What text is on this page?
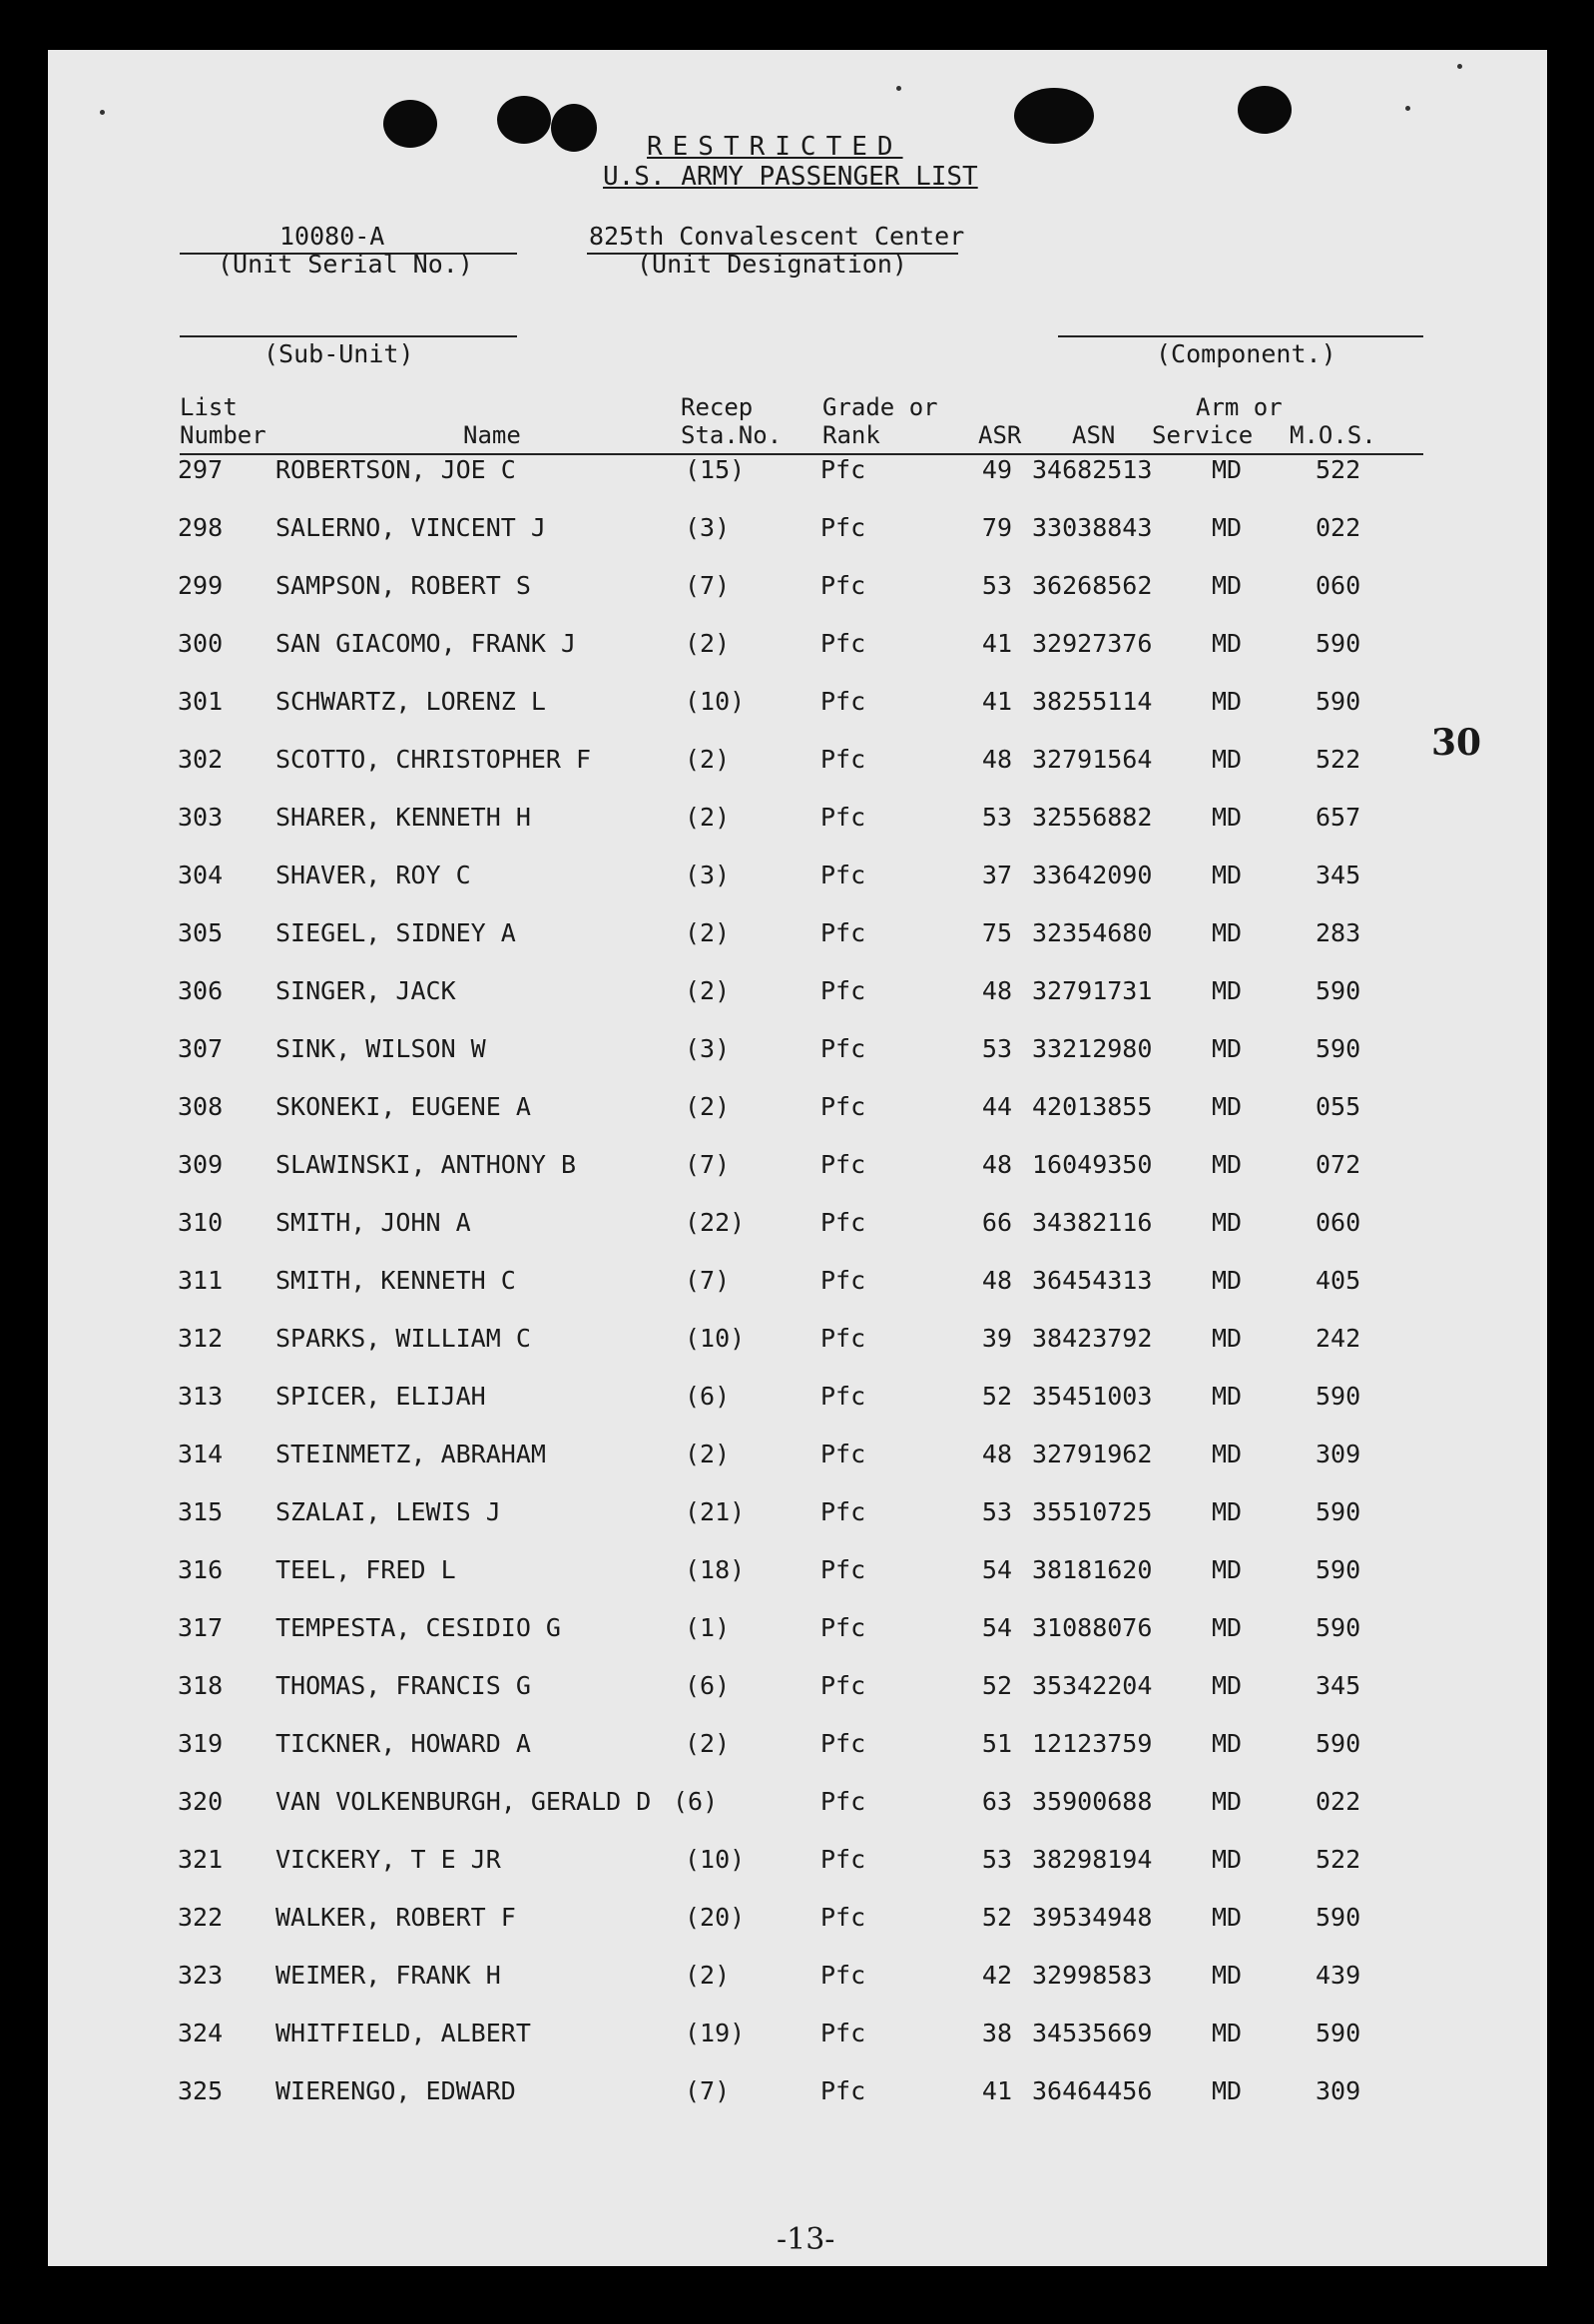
RESTRICTED
U.S. ARMY PASSENGER LIST
10080-A
(Unit Serial No.)
825th Convalescent Center
(Unit Designation)
(Sub-Unit)	(Component.)
List
Number	Name
Recep
Sta.No.
Grade or
Rank	ASR ASN
Arm or
Service	M.O.S.
297 ROBERTSON, JOE C	(15)	Pfc	49 34682513 MD	522
298 SALERNO, VINCENT J	(3)	Pfc	79 33038843 MD	022
299 SAMPSON, ROBERT S	(7)	Pfc	53 36268562 MD	060
300 SAN GIACOMO, FRANK J	(2)	Pfc	41 32927376 MD	590
301 SCHWARTZ, LORENZ L	(10)	Pfc	41 38255114 MD	590
302 SCOTTO, CHRISTOPHER F	(2)	Pfc	48 32791564 MD	522
303 SHARER, KENNETH H	(2)	Pfc	53 32556882 MD	657
304 SHAVER, ROY C	(3)	Pfc	37 33642090 MD	345
305 SIEGEL, SIDNEY A	(2)	Pfc	75 32354680 MD	283
306 SINGER, JACK	(2)	Pfc	48 32791731 MD	590
307 SINK, WILSON W	(3)	Pfc	53 33212980 MD	590
308 SKONEKI, EUGENE A	(2)	Pfc	44 42013855 MD	055
309 SLAWINSKI, ANTHONY B	(7)	Pfc	48 16049350 MD	072
310 SMITH, JOHN A	(22)	Pfc	66 34382116 MD	060
311 SMITH, KENNETH C	(7)	Pfc	48 36454313 MD	405
312 SPARKS, WILLIAM C	(10)	Pfc	39 38423792 MD	242
313 SPICER, ELIJAH	(6)	Pfc	52 35451003 MD	590
314 STEINMETZ, ABRAHAM	(2)	Pfc	48 32791962 MD	309
315 SZALAI, LEWIS J	(21)	Pfc	53 35510725 MD	590
316 TEEL, FRED L	(18)	Pfc	54 38181620 MD	590
317 TEMPESTA, CESIDIO G	(1)	Pfc	54 31088076 MD	590
318 THOMAS, FRANCIS G	(6)	Pfc	52 35342204 MD	345
319 TICKNER, HOWARD A	(2)	Pfc	51 12123759 MD	590
320 VAN VOLKENBURGH, GERALD D (6)	Pfc	63 35900688 MD	022
321 VICKERY, T E JR	(10)	Pfc	53 38298194 MD	522
322 WALKER, ROBERT F	(20)	Pfc	52 39534948 MD	590
323 WEIMER, FRANK H	(2)	Pfc	42 32998583 MD	439
324 WHITFIELD, ALBERT	(19)	Pfc	38 34535669 MD	590
325 WIERENGO, EDWARD	(7)	Pfc	41 36464456 MD	309
30
-13-
